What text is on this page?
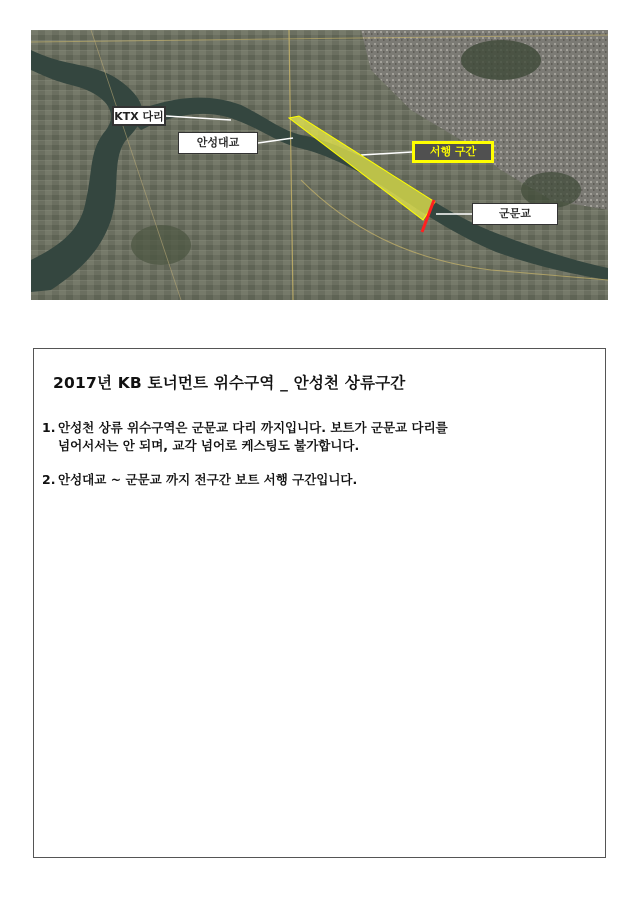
KTX 다리
안성대교
서행 구간
군문교
2017년 KB 토너먼트 위수구역 _ 안성천 상류구간
1. 안성천 상류 위수구역은 군문교 다리 까지입니다. 보트가 군문교 다리를
넘어서서는 안 되며, 교각 넘어로 케스팅도 불가합니다.
2. 안성대교 ~ 군문교 까지 전구간 보트 서행 구간입니다.
